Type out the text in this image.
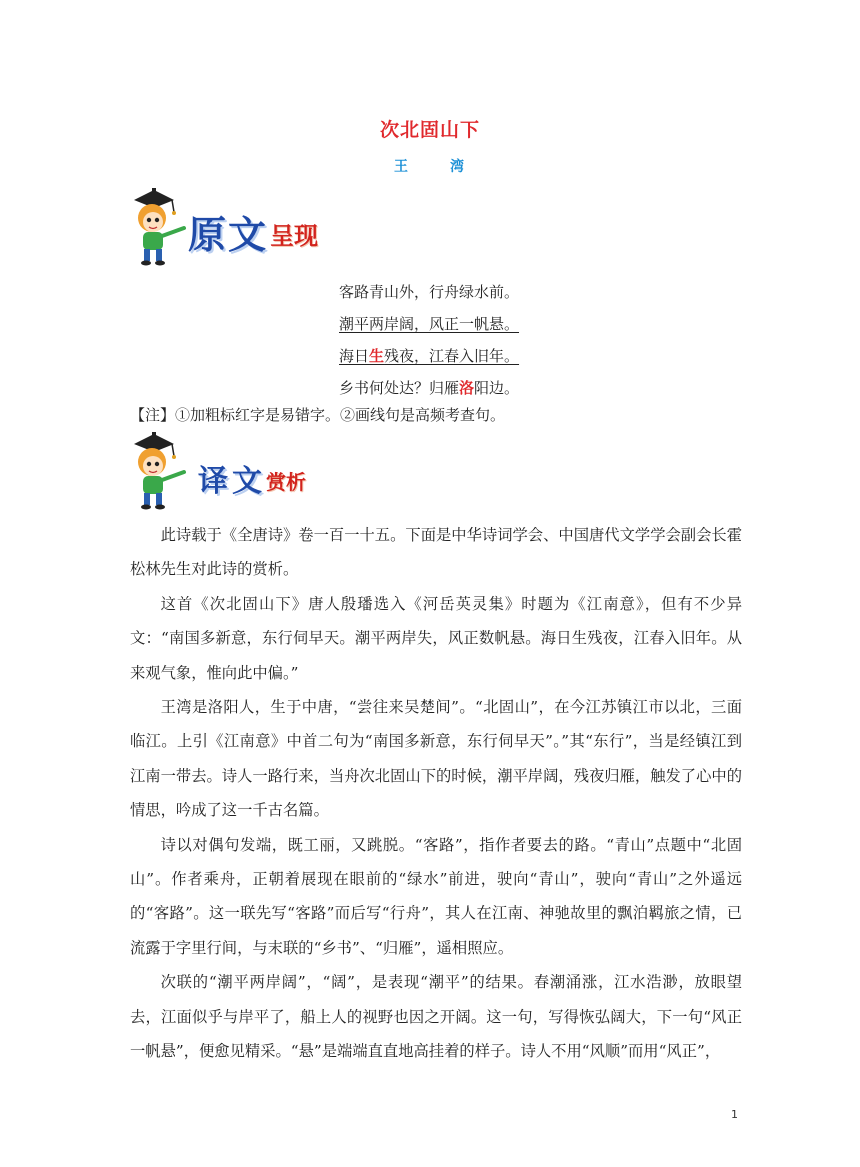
次北固山下
王　湾
原 文 呈现
客路青山外，行舟绿水前。
潮平两岸阔，风正一帆悬。
海日生残夜，江春入旧年。
乡书何处达？归雁洛阳边。
【注】①加粗标红字是易错字。②画线句是高频考查句。
译 文 赏析

此诗载于《全唐诗》卷一百一十五。下面是中华诗词学会、中国唐代文学学会副会长霍松林先生对此诗的赏析。

这首《次北固山下》唐人殷璠选入《河岳英灵集》时题为《江南意》，但有不少异文：“南国多新意，东行伺早天。潮平两岸失，风正数帆悬。海日生残夜，江春入旧年。从来观气象，惟向此中偏。”

王湾是洛阳人，生于中唐，“尝往来吴楚间”。“北固山”，在今江苏镇江市以北，三面临江。上引《江南意》中首二句为“南国多新意，东行伺早天”。”其“东行”，当是经镇江到江南一带去。诗人一路行来，当舟次北固山下的时候，潮平岸阔，残夜归雁，触发了心中的情思，吟成了这一千古名篇。

诗以对偶句发端，既工丽，又跳脱。“客路”，指作者要去的路。“青山”点题中“北固山”。作者乘舟，正朝着展现在眼前的“绿水”前进，驶向“青山”，驶向“青山”之外遥远的“客路”。这一联先写“客路”而后写“行舟”，其人在江南、神驰故里的飘泊羁旅之情，已流露于字里行间，与末联的“乡书”、“归雁”，遥相照应。

次联的“潮平两岸阔”，“阔”，是表现“潮平”的结果。春潮涌涨，江水浩渺，放眼望去，江面似乎与岸平了，船上人的视野也因之开阔。这一句，写得恢弘阔大，下一句“风正一帆悬”，便愈见精采。“悬”是端端直直地高挂着的样子。诗人不用“风顺”而用“风正”，

1
